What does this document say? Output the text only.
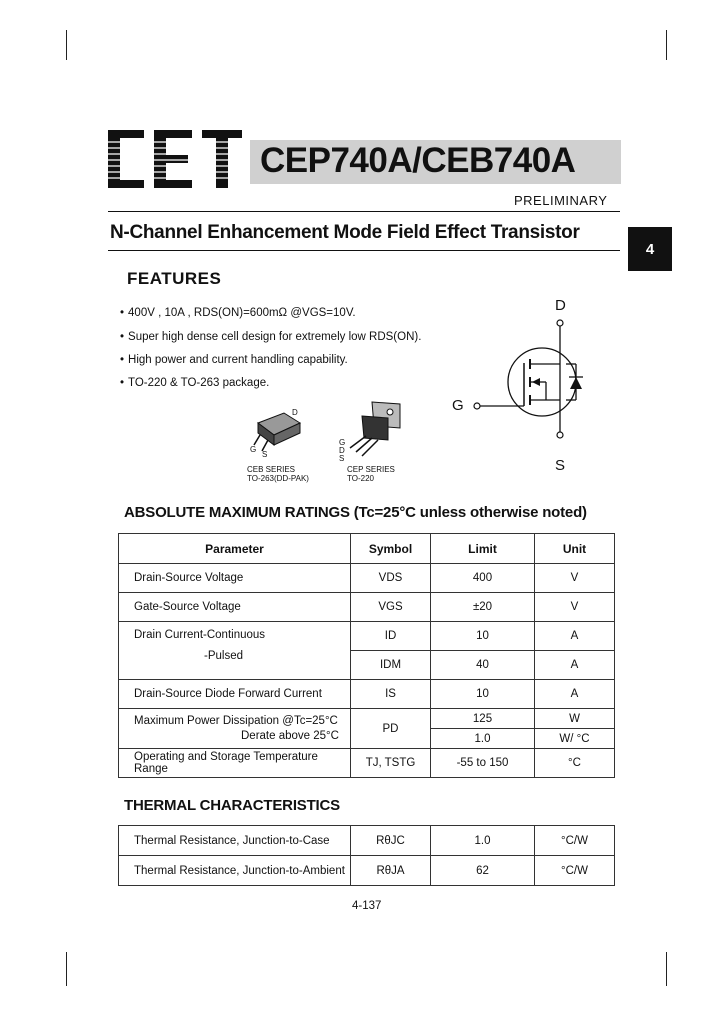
CEP740A/CEB740A
PRELIMINARY
N-Channel Enhancement Mode Field Effect Transistor
4
FEATURES
• 400V , 10A , RDS(ON)=600mΩ @VGS=10V.
• Super high dense cell design for extremely low RDS(ON).
• High power and current handling capability.
• TO-220 & TO-263 package.
G
S
D
CEB SERIES
TO-263(DD-PAK)
G
D
S
CEP SERIES
TO-220
D
G
S
ABSOLUTE MAXIMUM RATINGS (Tc=25°C unless otherwise noted)
Parameter	Symbol	Limit	Unit
Drain-Source Voltage	VDS	400	V
Gate-Source Voltage	VGS	±20	V

Drain Current-Continuous
-Pulsed	ID	10	A
	IDM	40	A
Drain-Source Diode Forward Current	IS	10	A

Maximum Power Dissipation @Tc=25°C
Derate above 25°C	PD	125	W
		1.0	W/ °C
Operating and Storage Temperature Range	TJ, TSTG	-55 to 150	°C
THERMAL CHARACTERISTICS
Thermal Resistance, Junction-to-Case	RθJC	1.0	°C/W
Thermal Resistance, Junction-to-Ambient	RθJA	62	°C/W
4-137
